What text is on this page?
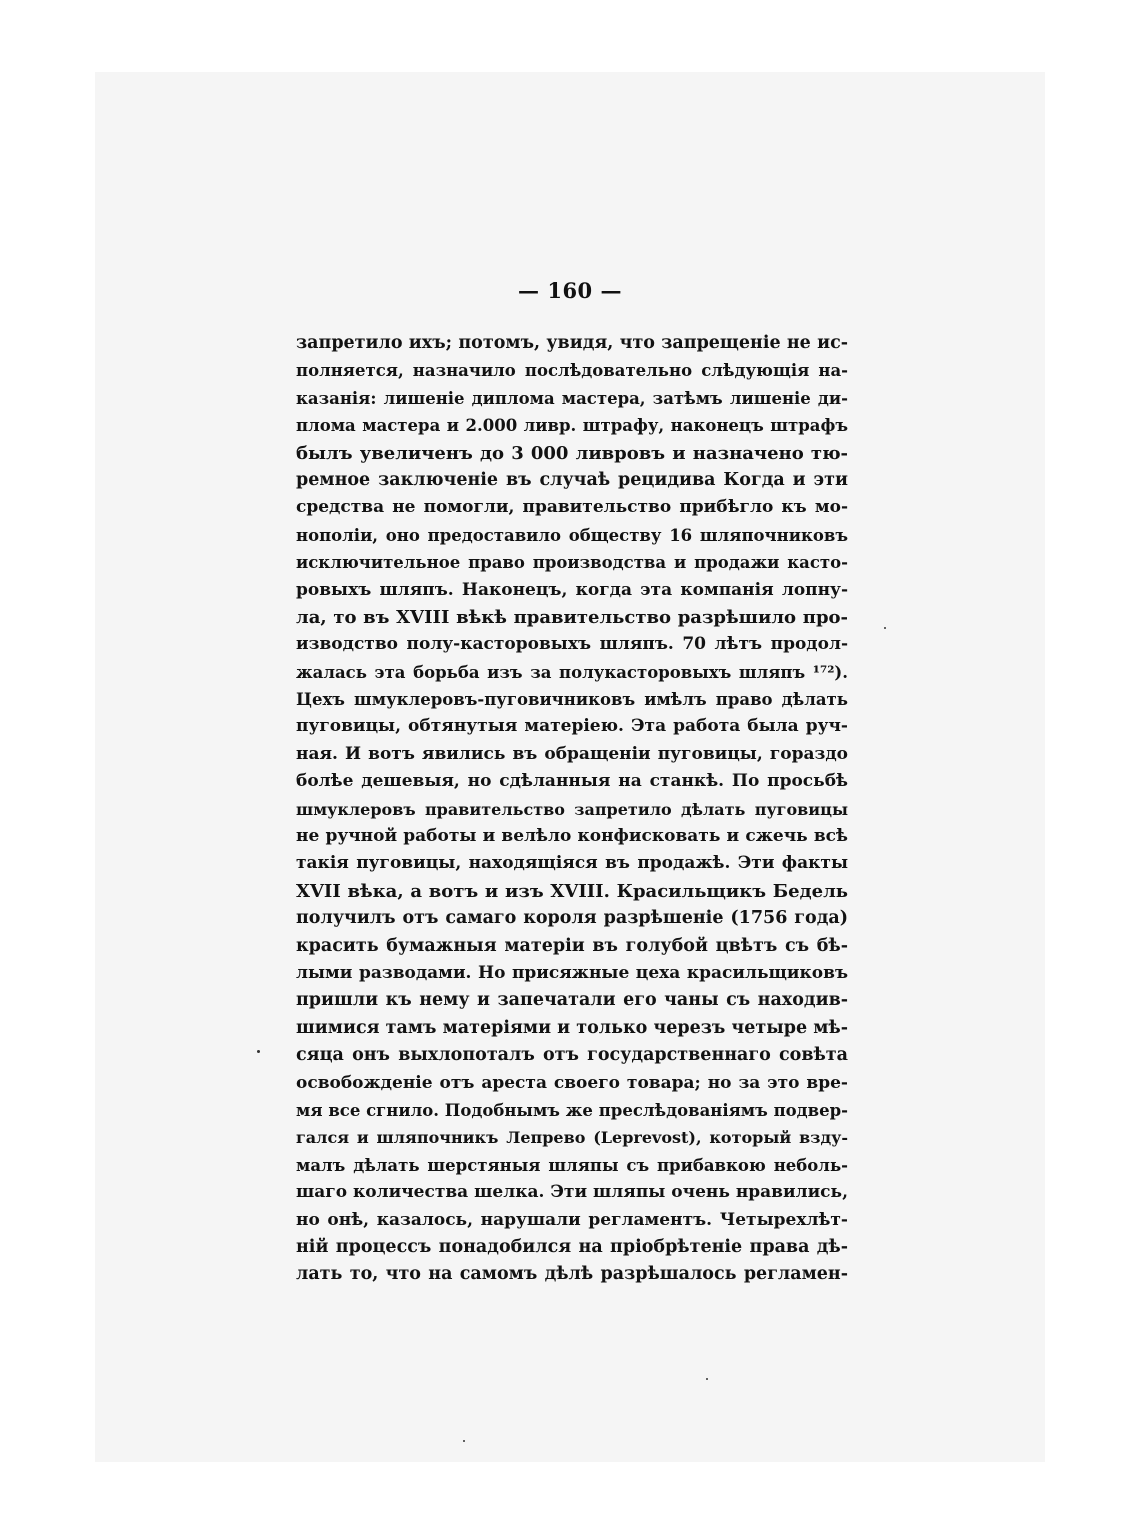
— 160 —
запретило ихъ; потомъ, увидя, что запрещеніе не ис-
полняется, назначило послѣдовательно слѣдующія на-
казанія: лишеніе диплома мастера, затѣмъ лишеніе ди-
плома мастера и 2.000 ливр. штрафу, наконецъ штрафъ
былъ увеличенъ до 3 000 ливровъ и назначено тю-
ремное заключеніе въ случаѣ рецидива Когда и эти
средства не помогли, правительство прибѣгло къ мо-
нополіи, оно предоставило обществу 16 шляпочниковъ
исключительное право производства и продажи касто-
ровыхъ шляпъ. Наконецъ, когда эта компанія лопну-
ла, то въ XVIII вѣкѣ правительство разрѣшило про-
изводство полу-касторовыхъ шляпъ. 70 лѣтъ продол-
жалась эта борьба изъ за полукасторовыхъ шляпъ ¹⁷²).
Цехъ шмуклеровъ-пуговичниковъ имѣлъ право дѣлать
пуговицы, обтянутыя матеріею. Эта работа была руч-
ная. И вотъ явились въ обращеніи пуговицы, гораздо
болѣе дешевыя, но сдѣланныя на станкѣ. По просьбѣ
шмуклеровъ правительство запретило дѣлать пуговицы
не ручной работы и велѣло конфисковать и сжечь всѣ
такія пуговицы, находящіяся въ продажѣ. Эти факты
XVII вѣка, а вотъ и изъ XVIII. Красильщикъ Бедель
получилъ отъ самаго короля разрѣшеніе (1756 года)
красить бумажныя матеріи въ голубой цвѣтъ съ бѣ-
лыми разводами. Но присяжные цеха красильщиковъ
пришли къ нему и запечатали его чаны съ находив-
шимися тамъ матеріями и только черезъ четыре мѣ-
сяца онъ выхлопоталъ отъ государственнаго совѣта
освобожденіе отъ ареста своего товара; но за это вре-
мя все сгнило. Подобнымъ же преслѣдованіямъ подвер-
гался и шляпочникъ Лепрево (Leprevost), который взду-
малъ дѣлать шерстяныя шляпы съ прибавкою неболь-
шаго количества шелка. Эти шляпы очень нравились,
но онѣ, казалось, нарушали регламентъ. Четырехлѣт-
ній процессъ понадобился на пріобрѣтеніе права дѣ-
лать то, что на самомъ дѣлѣ разрѣшалось регламен-
